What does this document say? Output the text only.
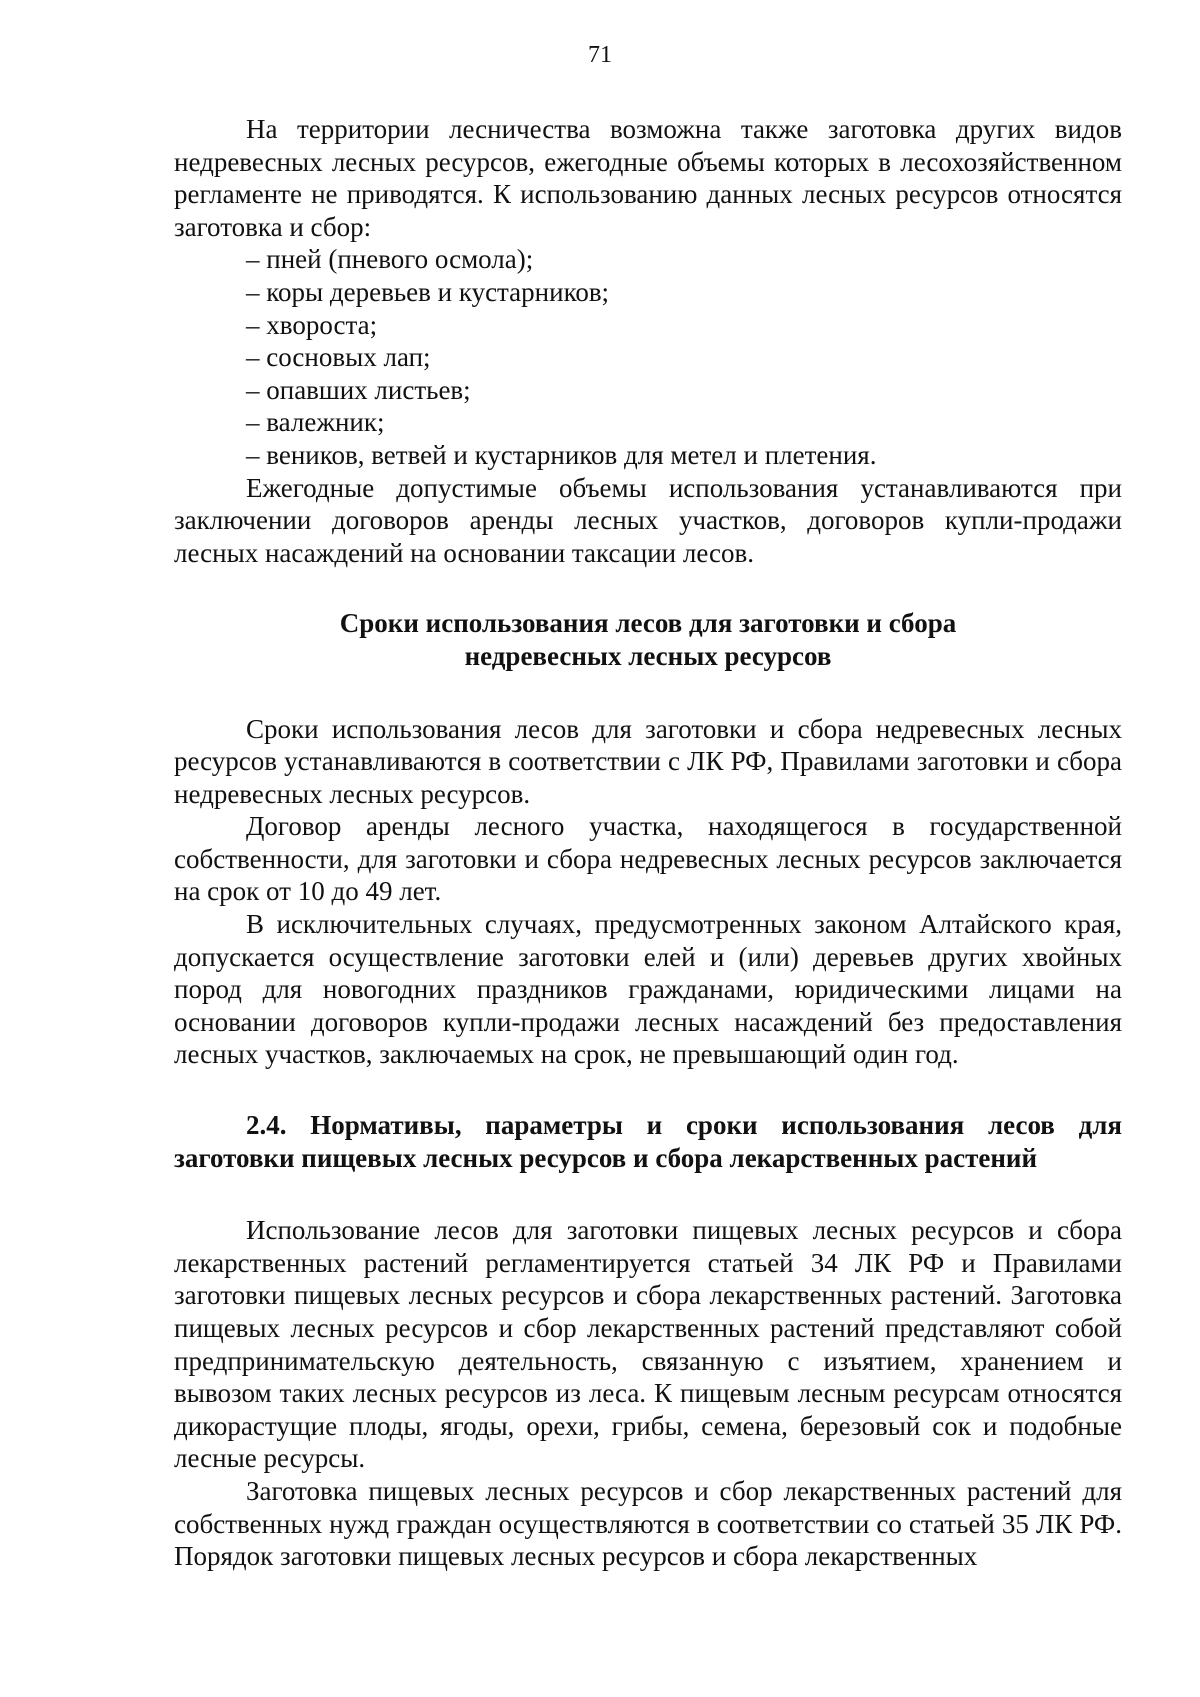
71

На территории лесничества возможна также заготовка других видов недревесных лесных ресурсов, ежегодные объемы которых в лесохозяйственном регламенте не приводятся. К использованию данных лесных ресурсов относятся заготовка и сбор:

– пней (пневого осмола);
– коры деревьев и кустарников;
– хвороста;
– сосновых лап;
– опавших листьев;
– валежник;
– веников, ветвей и кустарников для метел и плетения.

Ежегодные допустимые объемы использования устанавливаются при заключении договоров аренды лесных участков, договоров купли-продажи лесных насаждений на основании таксации лесов.

Сроки использования лесов для заготовки и сбора
недревесных лесных ресурсов

Сроки использования лесов для заготовки и сбора недревесных лесных ресурсов устанавливаются в соответствии с ЛК РФ, Правилами заготовки и сбора недревесных лесных ресурсов.

Договор аренды лесного участка, находящегося в государственной собственности, для заготовки и сбора недревесных лесных ресурсов заключается на срок от 10 до 49 лет.

В исключительных случаях, предусмотренных законом Алтайского края, допускается осуществление заготовки елей и (или) деревьев других хвойных пород для новогодних праздников гражданами, юридическими лицами на основании договоров купли-продажи лесных насаждений без предоставления лесных участков, заключаемых на срок, не превышающий один год.

2.4. Нормативы, параметры и сроки использования лесов для заготовки пищевых лесных ресурсов и сбора лекарственных растений

Использование лесов для заготовки пищевых лесных ресурсов и сбора лекарственных растений регламентируется статьей 34 ЛК РФ и Правилами заготовки пищевых лесных ресурсов и сбора лекарственных растений. Заготовка пищевых лесных ресурсов и сбор лекарственных растений представляют собой предпринимательскую деятельность, связанную с изъятием, хранением и вывозом таких лесных ресурсов из леса. К пищевым лесным ресурсам относятся дикорастущие плоды, ягоды, орехи, грибы, семена, березовый сок и подобные лесные ресурсы.

Заготовка пищевых лесных ресурсов и сбор лекарственных растений для собственных нужд граждан осуществляются в соответствии со статьей 35 ЛК РФ. Порядок заготовки пищевых лесных ресурсов и сбора лекарственных
